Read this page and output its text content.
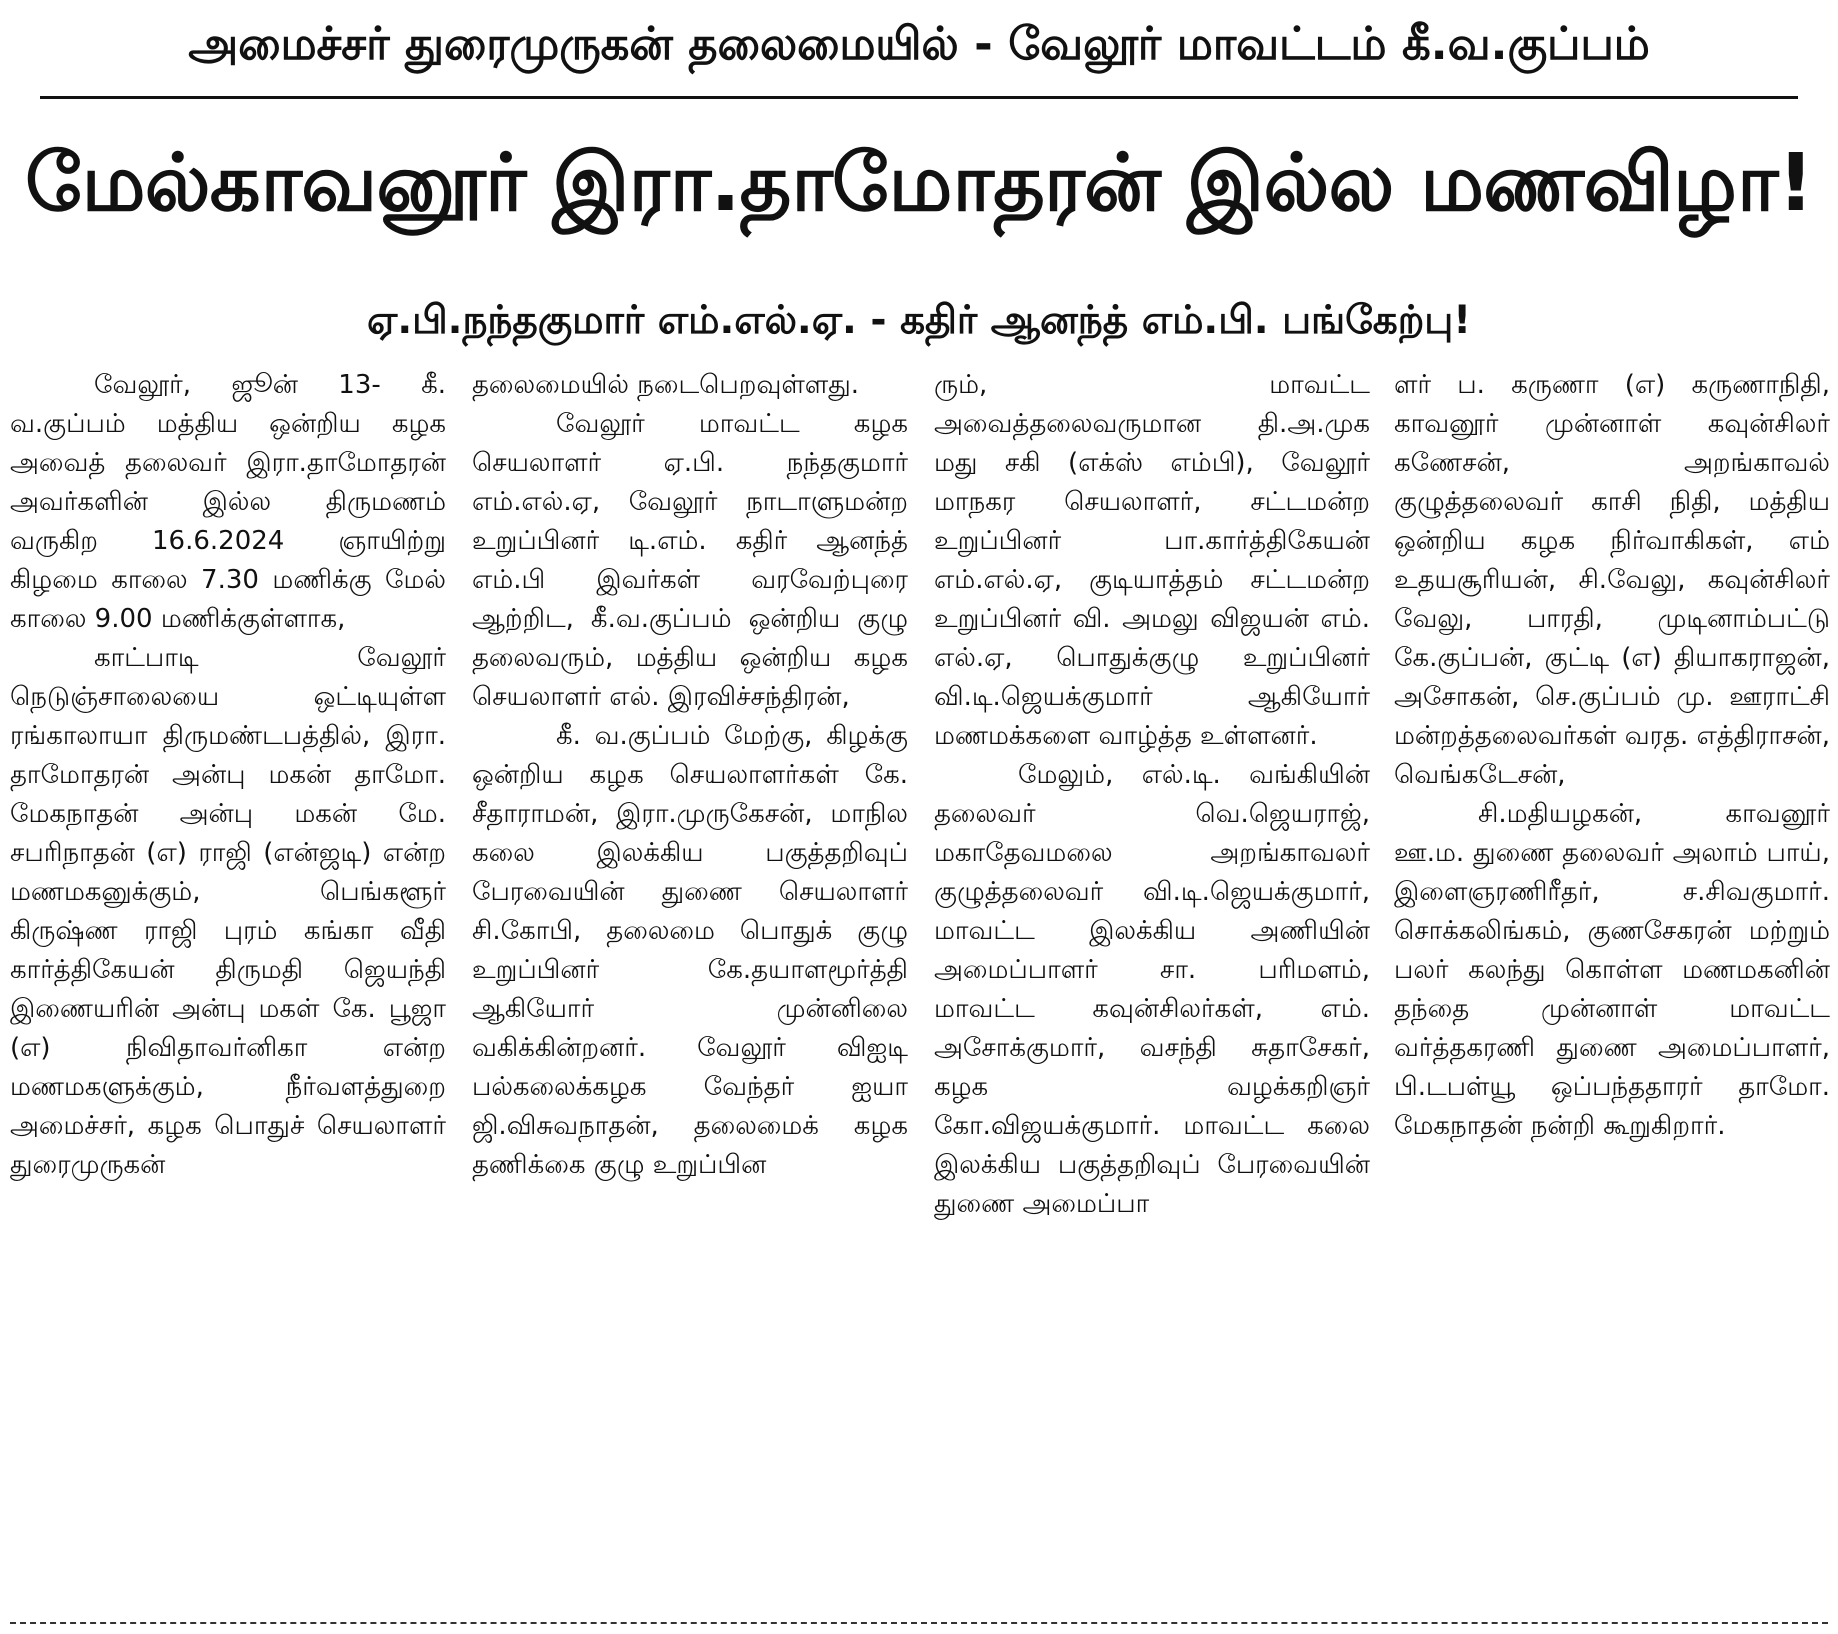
அமைச்சர் துரைமுருகன் தலைமையில் - வேலூர் மாவட்டம் கீ.வ.குப்பம்
மேல்காவனூர் இரா.தாமோதரன் இல்ல மணவிழா!
ஏ.பி.நந்தகுமார் எம்.எல்.ஏ. - கதிர் ஆனந்த் எம்.பி. பங்கேற்பு!

வேலூர், ஜூன் 13- கீ. வ.குப்பம் மத்திய ஒன்றிய கழக அவைத் தலைவர் இரா.தாமோதரன் அவர்களின் இல்ல திருமணம் வருகிற 16.6.2024 ஞாயிற்று கிழமை காலை 7.30 மணிக்கு மேல் காலை 9.00 மணிக்குள்ளாக,

காட்பாடி வேலூர் நெடுஞ்சாலையை ஒட்டியுள்ள ரங்காலாயா திருமண்டபத்தில், இரா. தாமோதரன் அன்பு மகன் தாமோ. மேகநாதன் அன்பு மகன் மே. சபரிநாதன் (எ) ராஜி (என்ஜடி) என்ற மணமகனுக்கும், பெங்களூர் கிருஷ்ண ராஜி புரம் கங்கா வீதி கார்த்திகேயன் திருமதி ஜெயந்தி இணையரின் அன்பு மகள் கே. பூஜா (எ) நிவிதாவர்னிகா என்ற மணமகளுக்கும், நீர்வளத்துறை அமைச்சர், கழக பொதுச் செயலாளர் துரைமுருகன்

தலைமையில் நடைபெறவுள்ளது.

வேலூர் மாவட்ட கழக செயலாளர் ஏ.பி. நந்தகுமார் எம்.எல்.ஏ, வேலூர் நாடாளுமன்ற உறுப்பினர் டி.எம். கதிர் ஆனந்த் எம்.பி இவர்கள் வரவேற்புரை ஆற்றிட, கீ.வ.குப்பம் ஒன்றிய குழு தலைவரும், மத்திய ஒன்றிய கழக செயலாளர் எல். இரவிச்சந்திரன்,

கீ. வ.குப்பம் மேற்கு, கிழக்கு ஒன்றிய கழக செயலாளர்கள் கே. சீதாராமன், இரா.முருகேசன், மாநில கலை இலக்கிய பகுத்தறிவுப் பேரவையின் துணை செயலாளர் சி.கோபி, தலைமை பொதுக் குழு உறுப்பினர் கே.தயாளமூர்த்தி ஆகியோர் முன்னிலை வகிக்கின்றனர். வேலூர் விஐடி பல்கலைக்கழக வேந்தர் ஐயா ஜி.விசுவநாதன், தலைமைக் கழக தணிக்கை குழு உறுப்பின

ரும், மாவட்ட அவைத்தலைவருமான தி.அ.முக மது சகி (எக்ஸ் எம்பி), வேலூர் மாநகர செயலாளர், சட்டமன்ற உறுப்பினர் பா.கார்த்திகேயன் எம்.எல்.ஏ, குடியாத்தம் சட்டமன்ற உறுப்பினர் வி. அமலு விஜயன் எம். எல்.ஏ, பொதுக்குழு உறுப்பினர் வி.டி.ஜெயக்குமார் ஆகியோர் மணமக்களை வாழ்த்த உள்ளனர்.

மேலும், எல்.டி. வங்கியின் தலைவர் வெ.ஜெயராஜ், மகாதேவமலை அறங்காவலர் குழுத்தலைவர் வி.டி.ஜெயக்குமார், மாவட்ட இலக்கிய அணியின் அமைப்பாளர் சா. பரிமளம், மாவட்ட கவுன்சிலர்கள், எம். அசோக்குமார், வசந்தி சுதாசேகர், கழக வழக்கறிஞர் கோ.விஜயக்குமார். மாவட்ட கலை இலக்கிய பகுத்தறிவுப் பேரவையின் துணை அமைப்பா

ளர் ப. கருணா (எ) கருணாநிதி, காவனூர் முன்னாள் கவுன்சிலர் கணேசன், அறங்காவல் குழுத்தலைவர் காசி நிதி, மத்திய ஒன்றிய கழக நிர்வாகிகள், எம் உதயசூரியன், சி.வேலு, கவுன்சிலர் வேலு, பாரதி, முடினாம்பட்டு கே.குப்பன், குட்டி (எ) தியாகராஜன், அசோகன், செ.குப்பம் மு. ஊராட்சி மன்றத்தலைவர்கள் வரத. எத்திராசன், வெங்கடேசன்,

சி.மதியழகன், காவனூர் ஊ.ம. துணை தலைவர் அலாம் பாய், இளைஞரணிரீதர், ச.சிவகுமார். சொக்கலிங்கம், குணசேகரன் மற்றும் பலர் கலந்து கொள்ள மணமகனின் தந்தை முன்னாள் மாவட்ட வர்த்தகரணி துணை அமைப்பாளர், பி.டபள்யூ ஒப்பந்ததாரர் தாமோ. மேகநாதன் நன்றி கூறுகிறார்.
